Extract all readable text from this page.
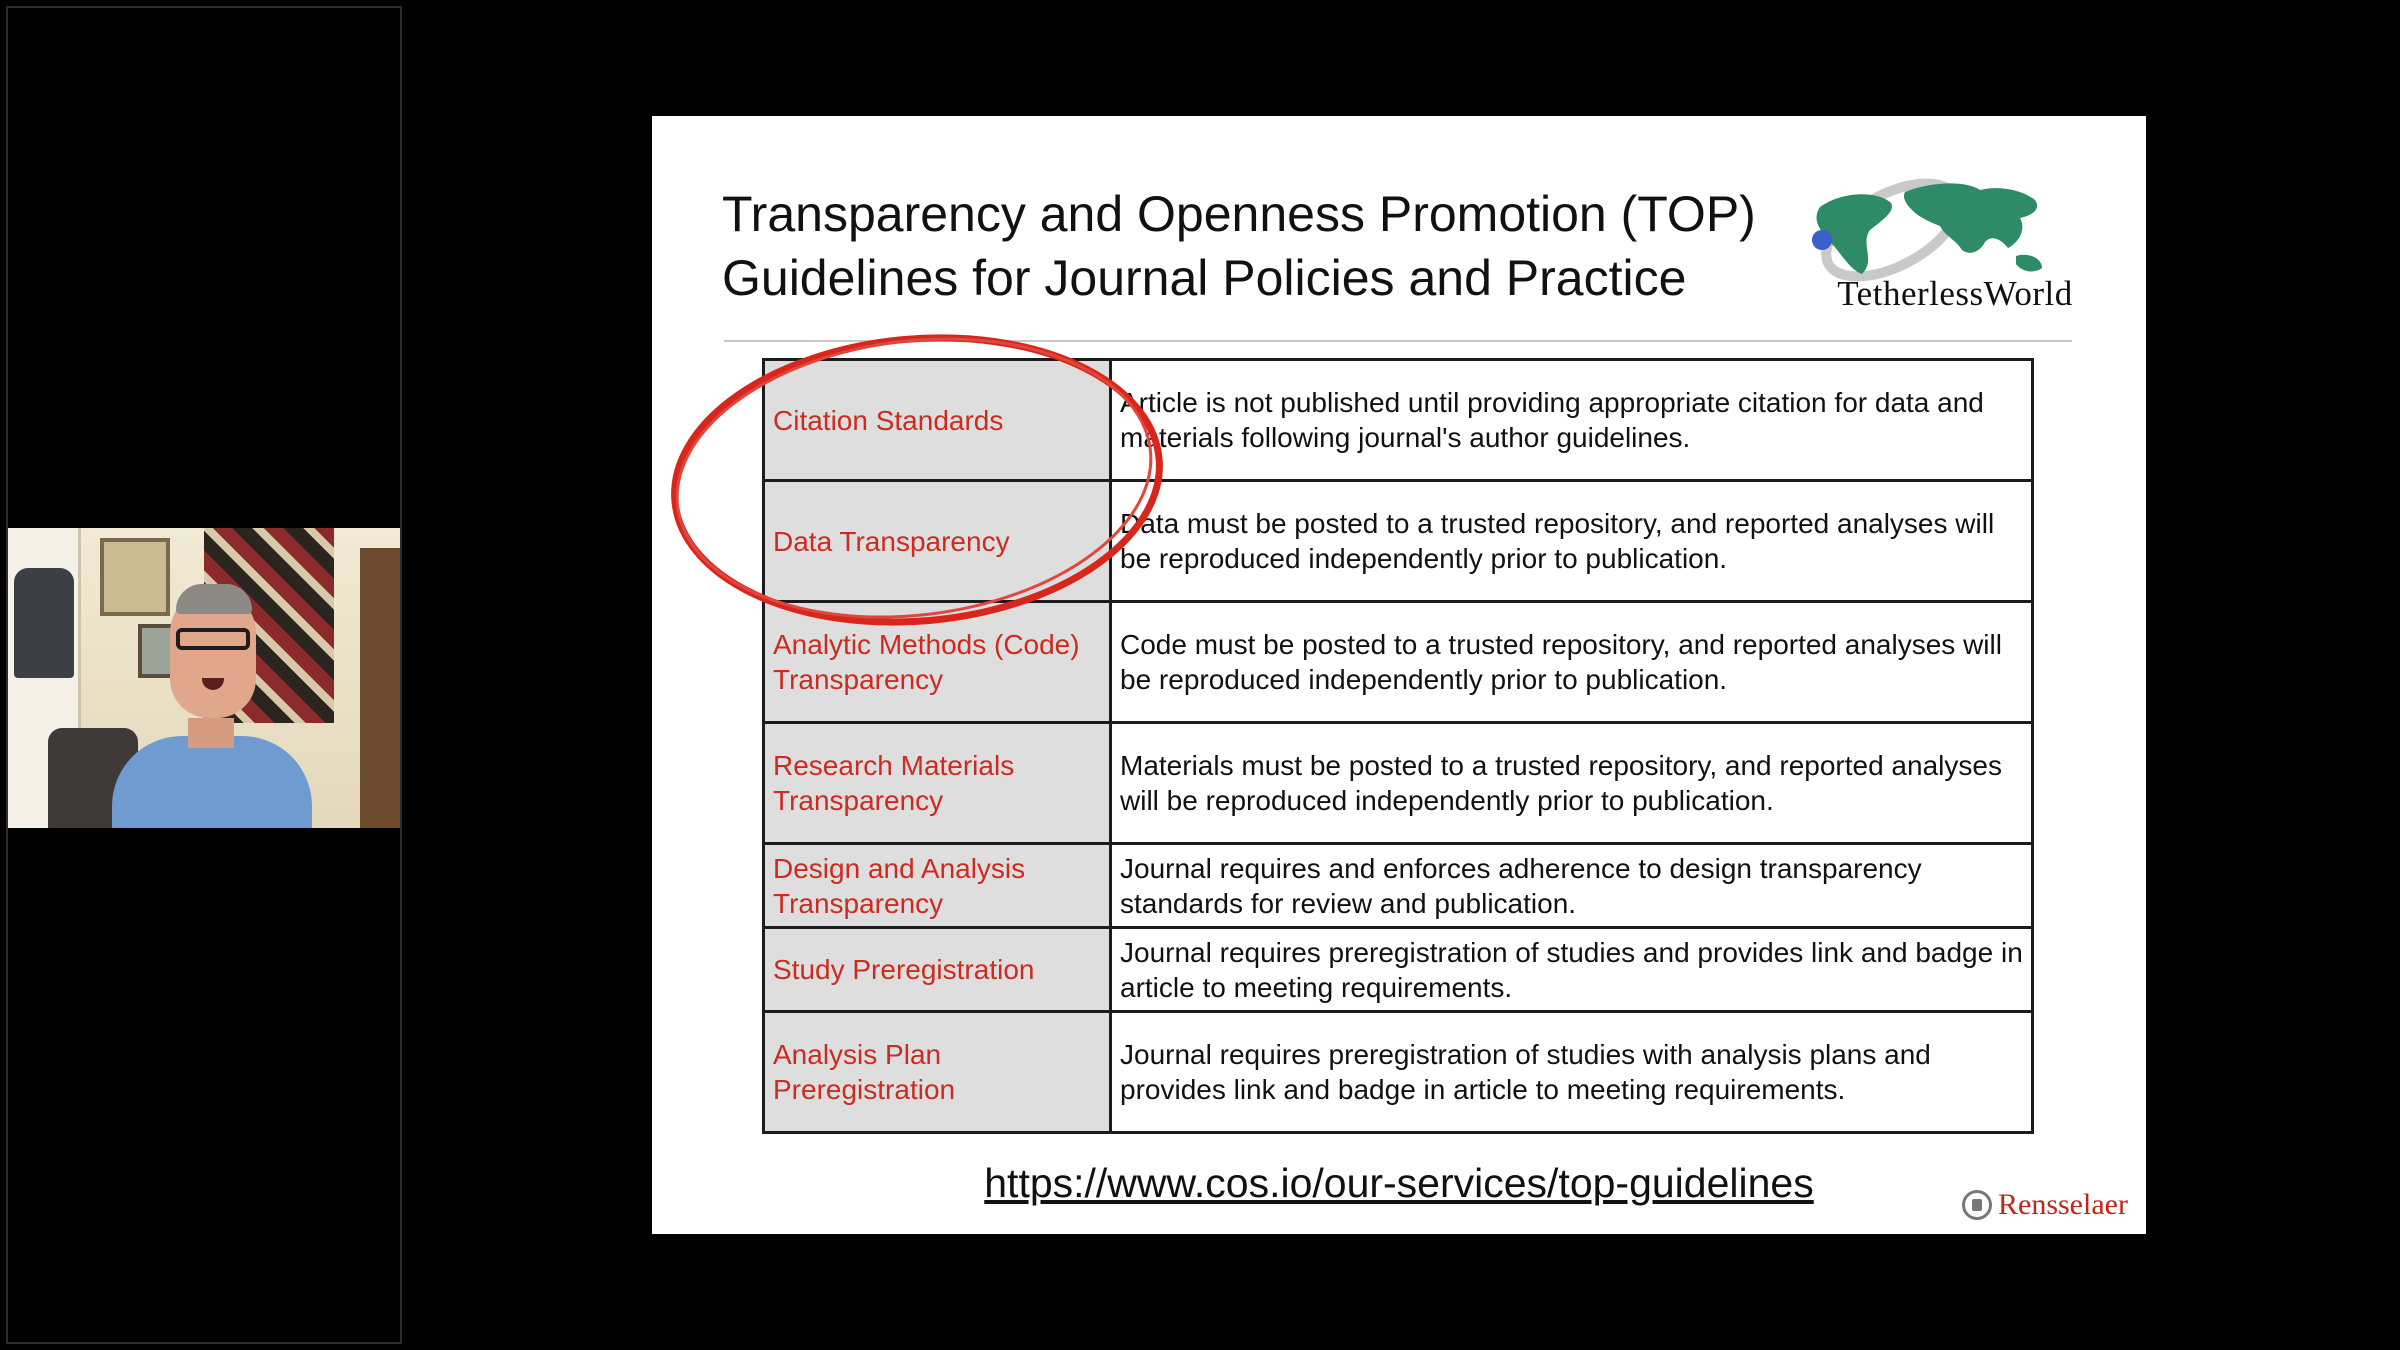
Transparency and Openness Promotion (TOP)
Guidelines for Journal Policies and Practice	TetherlessWorld
Citation Standards	Article is not published until providing appropriate citation for data and materials following journal's author guidelines.
Data Transparency	Data must be posted to a trusted repository, and reported analyses will be reproduced independently prior to publication.
Analytic Methods (Code) Transparency	Code must be posted to a trusted repository, and reported analyses will be reproduced independently prior to publication.
Research Materials Transparency	Materials must be posted to a trusted repository, and reported analyses will be reproduced independently prior to publication.
Design and Analysis Transparency	Journal requires and enforces adherence to design transparency standards for review and publication.
Study Preregistration	Journal requires preregistration of studies and provides link and badge in article to meeting requirements.
Analysis Plan Preregistration	Journal requires preregistration of studies with analysis plans and provides link and badge in article to meeting requirements.
https://www.cos.io/our-services/top-guidelines	Rensselaer
